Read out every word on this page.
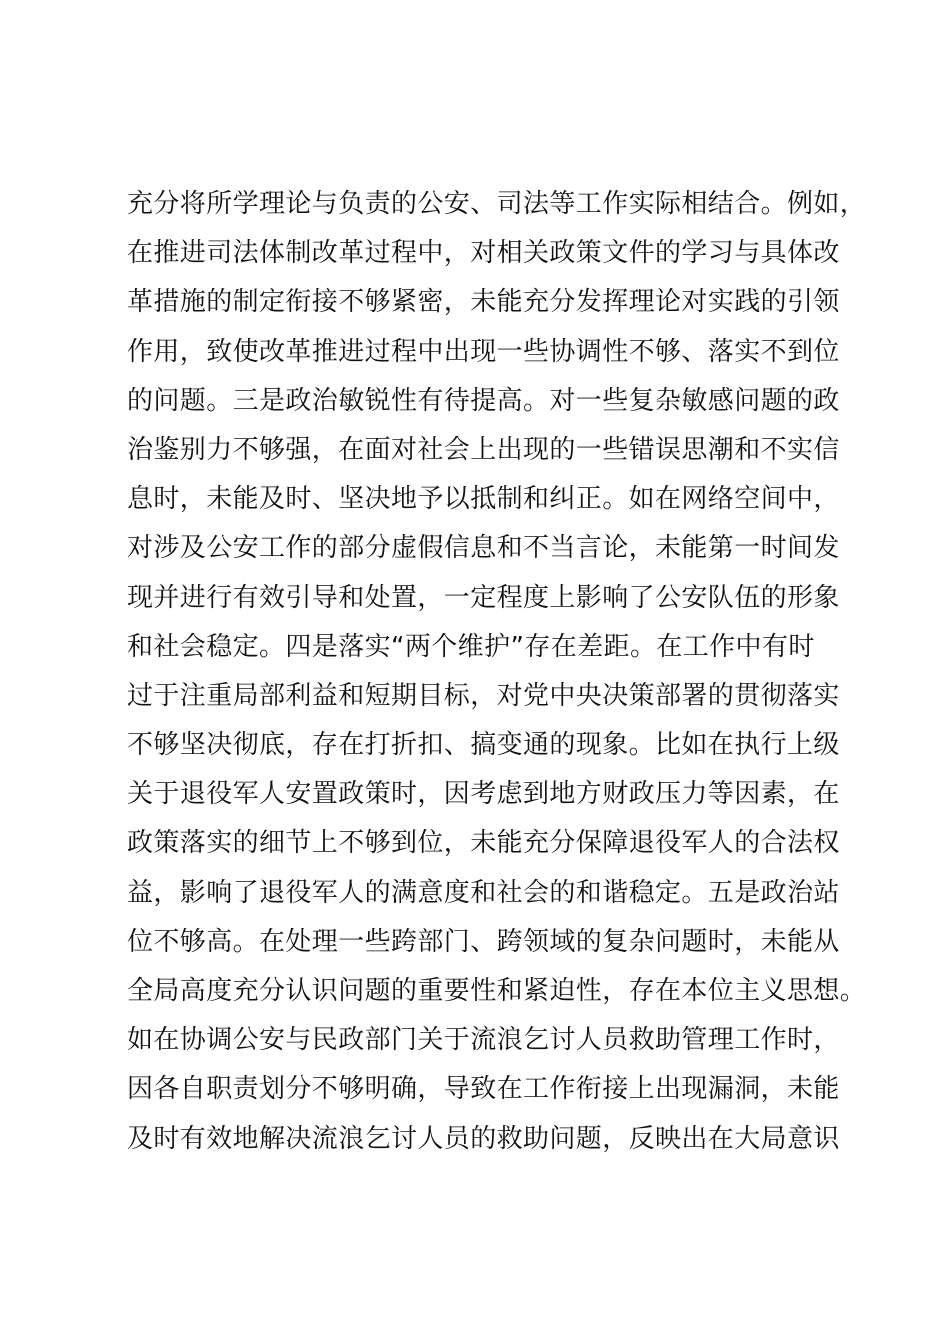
充分将所学理论与负责的公安、司法等工作实际相结合。例如，
在推进司法体制改革过程中，对相关政策文件的学习与具体改
革措施的制定衔接不够紧密，未能充分发挥理论对实践的引领
作用，致使改革推进过程中出现一些协调性不够、落实不到位
的问题。三是政治敏锐性有待提高。对一些复杂敏感问题的政
治鉴别力不够强，在面对社会上出现的一些错误思潮和不实信
息时，未能及时、坚决地予以抵制和纠正。如在网络空间中，
对涉及公安工作的部分虚假信息和不当言论，未能第一时间发
现并进行有效引导和处置，一定程度上影响了公安队伍的形象
和社会稳定。四是落实“两个维护”存在差距。在工作中有时
过于注重局部利益和短期目标，对党中央决策部署的贯彻落实
不够坚决彻底，存在打折扣、搞变通的现象。比如在执行上级
关于退役军人安置政策时，因考虑到地方财政压力等因素，在
政策落实的细节上不够到位，未能充分保障退役军人的合法权
益，影响了退役军人的满意度和社会的和谐稳定。五是政治站
位不够高。在处理一些跨部门、跨领域的复杂问题时，未能从
全局高度充分认识问题的重要性和紧迫性，存在本位主义思想。
如在协调公安与民政部门关于流浪乞讨人员救助管理工作时，
因各自职责划分不够明确，导致在工作衔接上出现漏洞，未能
及时有效地解决流浪乞讨人员的救助问题，反映出在大局意识
